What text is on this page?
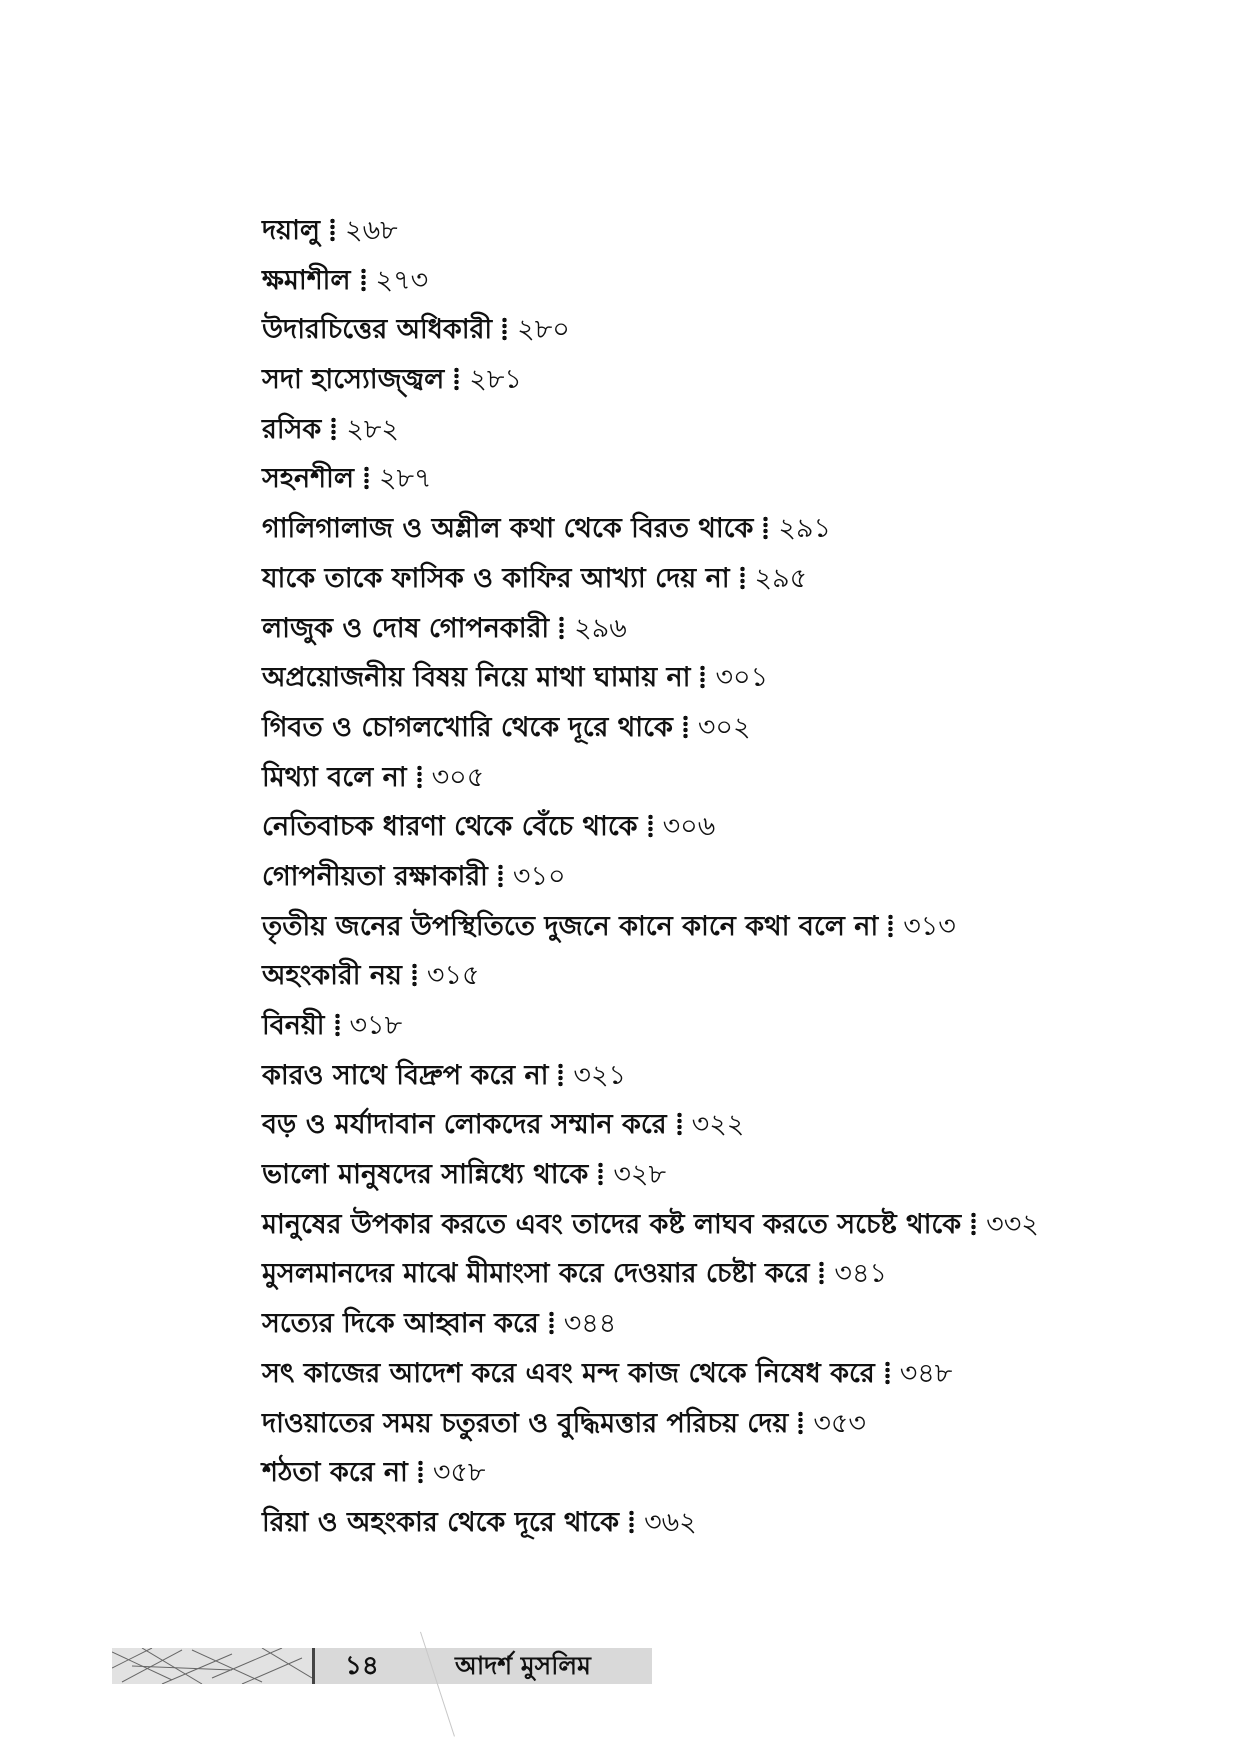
দয়ালু ২৬৮
ক্ষমাশীল ২৭৩
উদারচিত্তের অধিকারী ২৮০
সদা হাস্যোজ্জ্বল ২৮১
রসিক ২৮২
সহনশীল ২৮৭
গালিগালাজ ও অশ্লীল কথা থেকে বিরত থাকে ২৯১
যাকে তাকে ফাসিক ও কাফির আখ্যা দেয় না ২৯৫
লাজুক ও দোষ গোপনকারী ২৯৬
অপ্রয়োজনীয় বিষয় নিয়ে মাথা ঘামায় না ৩০১
গিবত ও চোগলখোরি থেকে দূরে থাকে ৩০২
মিথ্যা বলে না ৩০৫
নেতিবাচক ধারণা থেকে বেঁচে থাকে ৩০৬
গোপনীয়তা রক্ষাকারী ৩১০
তৃতীয় জনের উপস্থিতিতে দুজনে কানে কানে কথা বলে না ৩১৩
অহংকারী নয় ৩১৫
বিনয়ী ৩১৮
কারও সাথে বিদ্রুপ করে না ৩২১
বড় ও মর্যাদাবান লোকদের সম্মান করে ৩২২
ভালো মানুষদের সান্নিধ্যে থাকে ৩২৮
মানুষের উপকার করতে এবং তাদের কষ্ট লাঘব করতে সচেষ্ট থাকে ৩৩২
মুসলমানদের মাঝে মীমাংসা করে দেওয়ার চেষ্টা করে ৩৪১
সত্যের দিকে আহ্বান করে ৩৪৪
সৎ কাজের আদেশ করে এবং মন্দ কাজ থেকে নিষেধ করে ৩৪৮
দাওয়াতের সময় চতুরতা ও বুদ্ধিমত্তার পরিচয় দেয় ৩৫৩
শঠতা করে না ৩৫৮
রিয়া ও অহংকার থেকে দূরে থাকে ৩৬২
১৪	আদর্শ মুসলিম
